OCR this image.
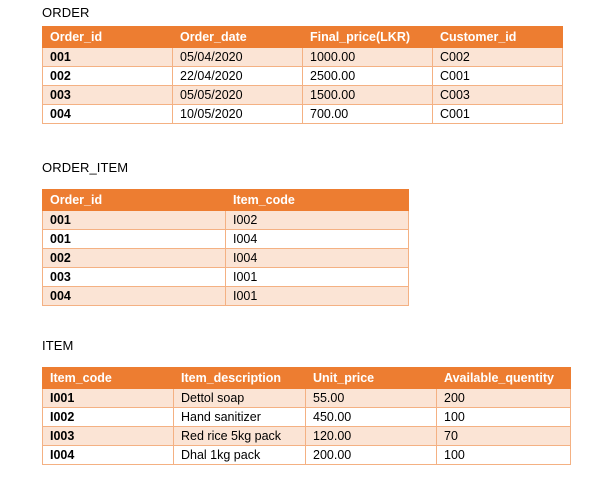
ORDER
Order_id	Order_date	Final_price(LKR)	Customer_id
001	05/04/2020	1000.00	C002
002	22/04/2020	2500.00	C001
003	05/05/2020	1500.00	C003
004	10/05/2020	700.00	C001
ORDER_ITEM
Order_id	Item_code
001	I002
001	I004
002	I004
003	I001
004	I001
ITEM
Item_code	Item_description	Unit_price	Available_quentity
I001	Dettol soap	55.00	200
I002	Hand sanitizer	450.00	100
I003	Red rice 5kg pack	120.00	70
I004	Dhal 1kg pack	200.00	100
